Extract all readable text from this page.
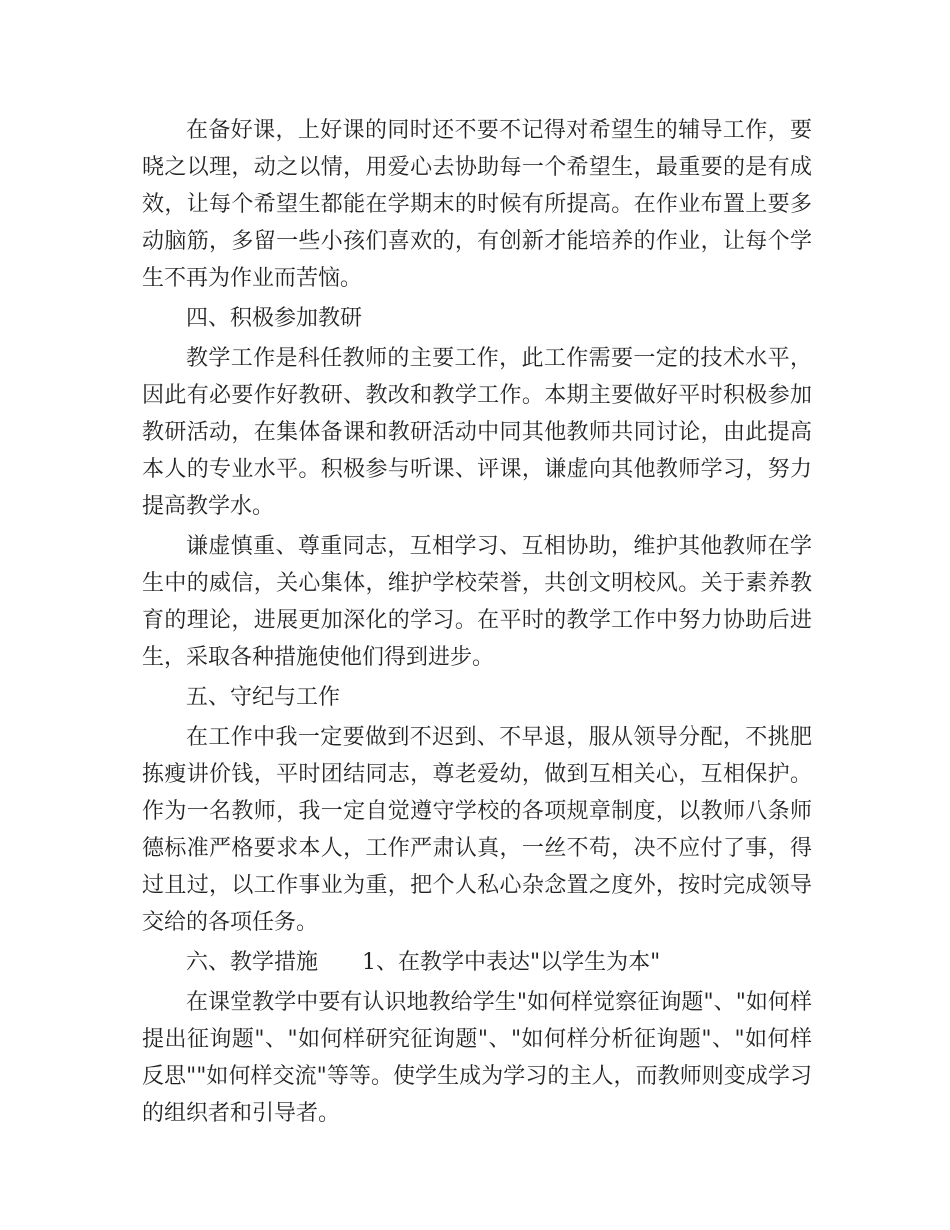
在备好课，上好课的同时还不要不记得对希望生的辅导工作，要晓之以理，动之以情，用爱心去协助每一个希望生，最重要的是有成效，让每个希望生都能在学期末的时候有所提高。在作业布置上要多动脑筋，多留一些小孩们喜欢的，有创新才能培养的作业，让每个学生不再为作业而苦恼。

四、积极参加教研

教学工作是科任教师的主要工作，此工作需要一定的技术水平，因此有必要作好教研、教改和教学工作。本期主要做好平时积极参加教研活动，在集体备课和教研活动中同其他教师共同讨论，由此提高本人的专业水平。积极参与听课、评课，谦虚向其他教师学习，努力提高教学水。

谦虚慎重、尊重同志，互相学习、互相协助，维护其他教师在学生中的威信，关心集体，维护学校荣誉，共创文明校风。关于素养教育的理论，进展更加深化的学习。在平时的教学工作中努力协助后进生，采取各种措施使他们得到进步。

五、守纪与工作

在工作中我一定要做到不迟到、不早退，服从领导分配，不挑肥拣瘦讲价钱，平时团结同志，尊老爱幼，做到互相关心，互相保护。作为一名教师，我一定自觉遵守学校的各项规章制度，以教师八条师德标准严格要求本人，工作严肃认真，一丝不苟，决不应付了事，得过且过，以工作事业为重，把个人私心杂念置之度外，按时完成领导交给的各项任务。

六、教学措施 1、在教学中表达"以学生为本"

在课堂教学中要有认识地教给学生"如何样觉察征询题"、"如何样提出征询题"、"如何样研究征询题"、"如何样分析征询题"、"如何样反思""如何样交流"等等。使学生成为学习的主人，而教师则变成学习的组织者和引导者。
